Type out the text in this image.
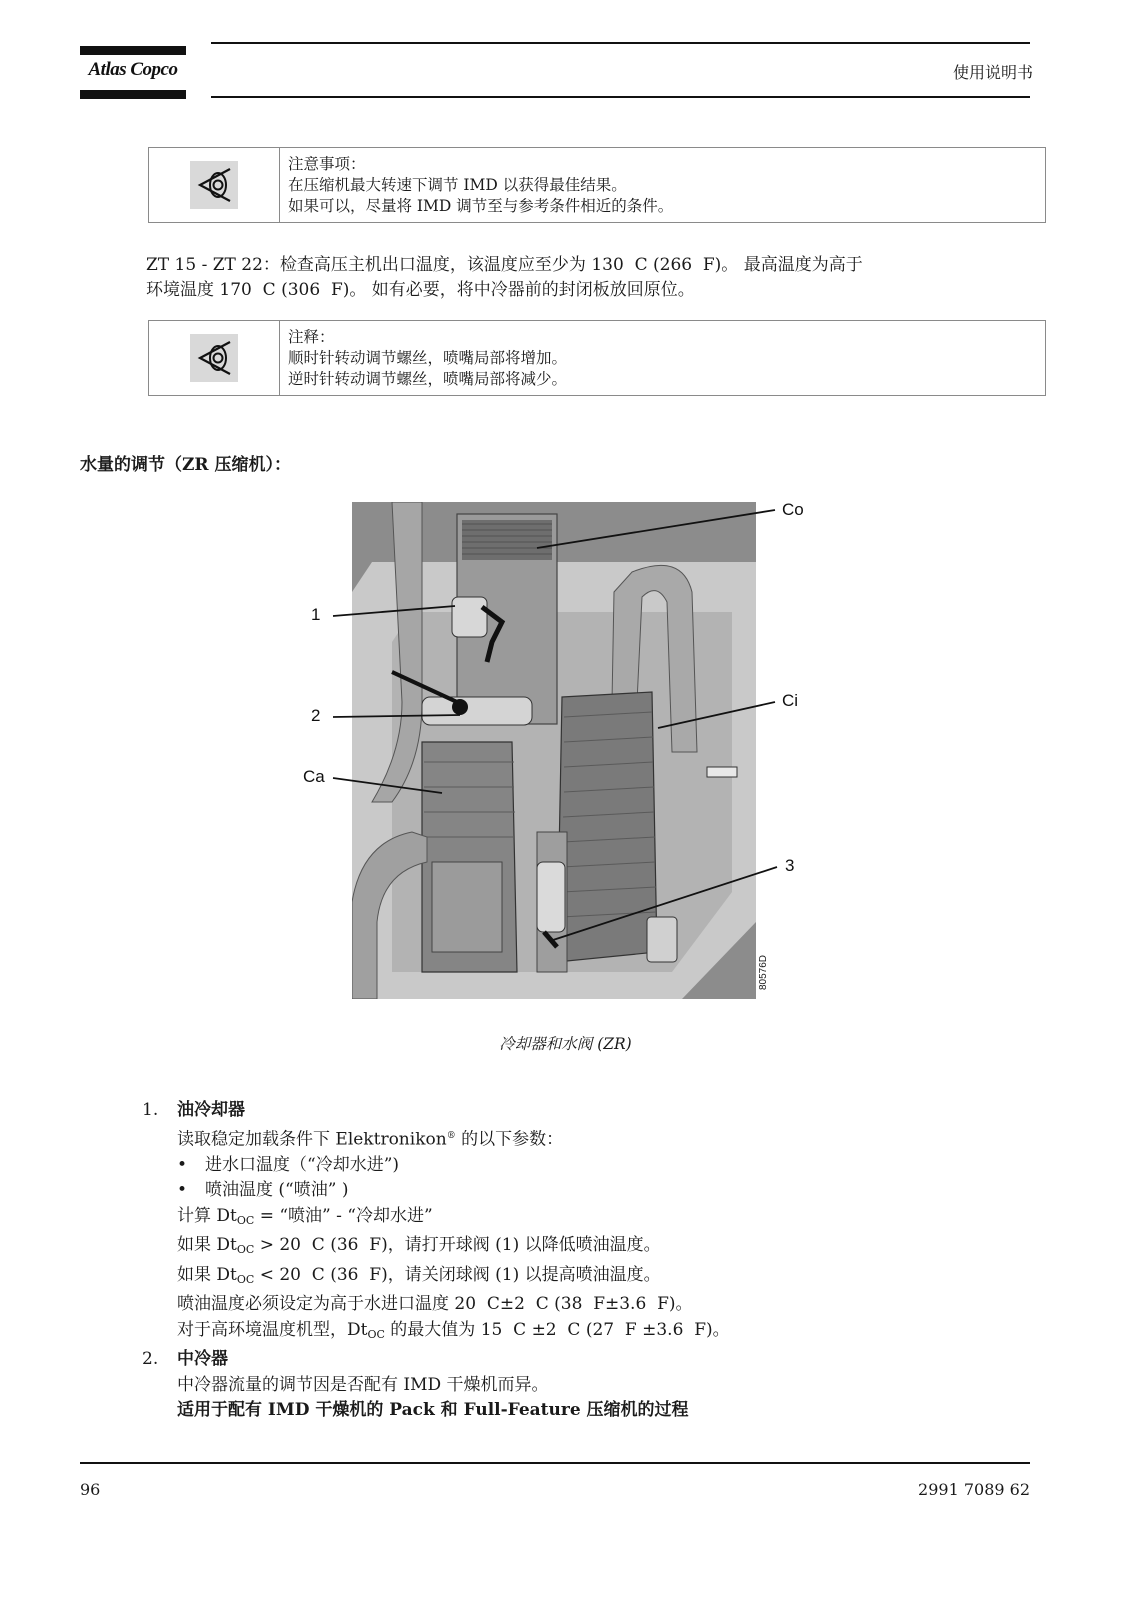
Atlas Copco	使用说明书
注意事项：
在压缩机最大转速下调节 IMD 以获得最佳结果。
如果可以，尽量将 IMD 调节至与参考条件相近的条件。
ZT 15 - ZT 22：检查高压主机出口温度，该温度应至少为 130  C (266  F)。 最高温度为高于
环境温度 170  C (306  F)。 如有必要，将中冷器前的封闭板放回原位。
注释：
顺时针转动调节螺丝，喷嘴局部将增加。
逆时针转动调节螺丝，喷嘴局部将减少。
水量的调节（ZR 压缩机）：
Co
1
2
Ci
Ca
3
80576D
冷却器和水阀 (ZR)
1. 油冷却器
读取稳定加载条件下 Elektronikon® 的以下参数：
• 进水口温度（“冷却水进”)
• 喷油温度 (“喷油” )
计算 $Dt_{OC}$ = “喷油” - “冷却水进”
如果 $Dt_{OC} > 20$  C (36  F)，请打开球阀 (1) 以降低喷油温度。
如果 $Dt_{OC} < 20$  C (36  F)，请关闭球阀 (1) 以提高喷油温度。
喷油温度必须设定为高于水进口温度 20  C±2  C (38  F±3.6  F)。
对于高环境温度机型，$Dt_{OC}$ 的最大值为 15  C ±2  C (27  F ±3.6  F)。
2. 中冷器
中冷器流量的调节因是否配有 IMD 干燥机而异。
适用于配有 IMD 干燥机的 Pack 和 Full-Feature 压缩机的过程
96	2991 7089 62
